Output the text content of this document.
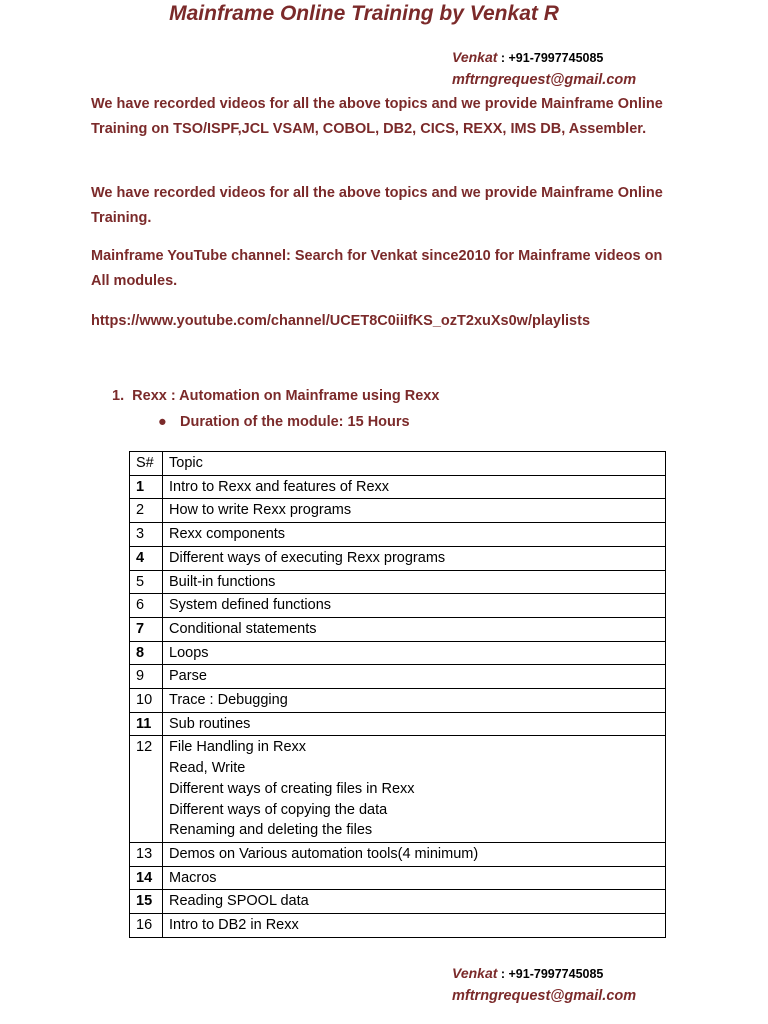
Mainframe Online Training by Venkat R
Venkat : +91-7997745085
mftrngrequest@gmail.com

We have recorded videos for all the above topics and we provide Mainframe Online Training on TSO/ISPF,JCL VSAM, COBOL, DB2, CICS, REXX, IMS DB, Assembler.

We have recorded videos for all the above topics and we provide Mainframe Online Training.

Mainframe YouTube channel: Search for Venkat since2010 for Mainframe videos on All modules.

https://www.youtube.com/channel/UCET8C0iiIfKS_ozT2xuXs0w/playlists

1. Rexx : Automation on Mainframe using Rexx
● Duration of the module: 15 Hours
S#	Topic
1	Intro to Rexx and features of Rexx

2	How to write Rexx programs

3	Rexx components

4	Different ways of executing Rexx programs

5	Built-in functions

6	System defined functions

7	Conditional statements

8	Loops

9	Parse

10	Trace : Debugging

11	Sub routines

12	File Handling in Rexx
Read, Write
Different ways of creating files in Rexx
Different ways of copying the data
Renaming and deleting the files

13	Demos on Various automation tools(4 minimum)

14	Macros

15	Reading SPOOL data

16	Intro to DB2 in Rexx
Venkat : +91-7997745085
mftrngrequest@gmail.com
